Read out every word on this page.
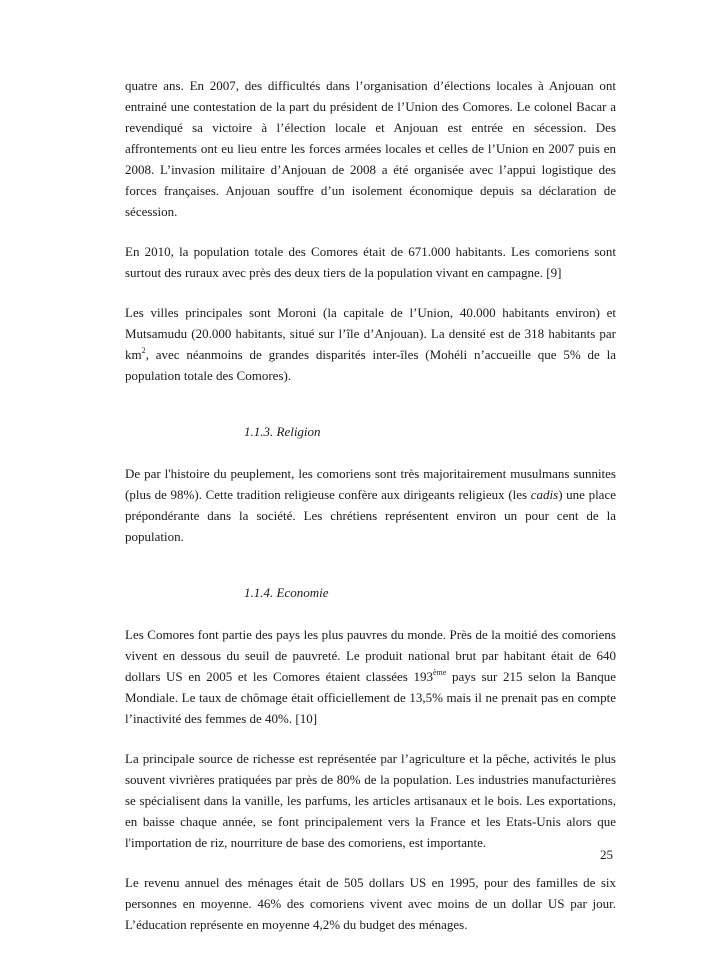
quatre ans. En 2007, des difficultés dans l’organisation d’élections locales à Anjouan ont entrainé une contestation de la part du président de l’Union des Comores. Le colonel Bacar a revendiqué sa victoire à l’élection locale et Anjouan est entrée en sécession. Des affrontements ont eu lieu entre les forces armées locales et celles de l’Union en 2007 puis en 2008. L’invasion militaire d’Anjouan de 2008 a été organisée avec l’appui logistique des forces françaises. Anjouan souffre d’un isolement économique depuis sa déclaration de sécession.

En 2010, la population totale des Comores était de 671.000 habitants. Les comoriens sont surtout des ruraux avec près des deux tiers de la population vivant en campagne. [9]

Les villes principales sont Moroni (la capitale de l’Union, 40.000 habitants environ) et Mutsamudu (20.000 habitants, situé sur l’île d’Anjouan). La densité est de 318 habitants par $km^2$, avec néanmoins de grandes disparités inter-îles (Mohéli n’accueille que 5% de la population totale des Comores).

1.1.3. Religion

De par l'histoire du peuplement, les comoriens sont très majoritairement musulmans sunnites (plus de 98%). Cette tradition religieuse confère aux dirigeants religieux (les cadis) une place prépondérante dans la société. Les chrétiens représentent environ un pour cent de la population.

1.1.4. Economie

Les Comores font partie des pays les plus pauvres du monde. Près de la moitié des comoriens vivent en dessous du seuil de pauvreté. Le produit national brut par habitant était de 640 dollars US en 2005 et les Comores étaient classées 193ème pays sur 215 selon la Banque Mondiale. Le taux de chômage était officiellement de 13,5% mais il ne prenait pas en compte l’inactivité des femmes de 40%. [10]

La principale source de richesse est représentée par l’agriculture et la pêche, activités le plus souvent vivrières pratiquées par près de 80% de la population. Les industries manufacturières se spécialisent dans la vanille, les parfums, les articles artisanaux et le bois. Les exportations, en baisse chaque année, se font principalement vers la France et les Etats-Unis alors que l'importation de riz, nourriture de base des comoriens, est importante.

Le revenu annuel des ménages était de 505 dollars US en 1995, pour des familles de six personnes en moyenne. 46% des comoriens vivent avec moins de un dollar US par jour. L’éducation représente en moyenne 4,2% du budget des ménages.

25
